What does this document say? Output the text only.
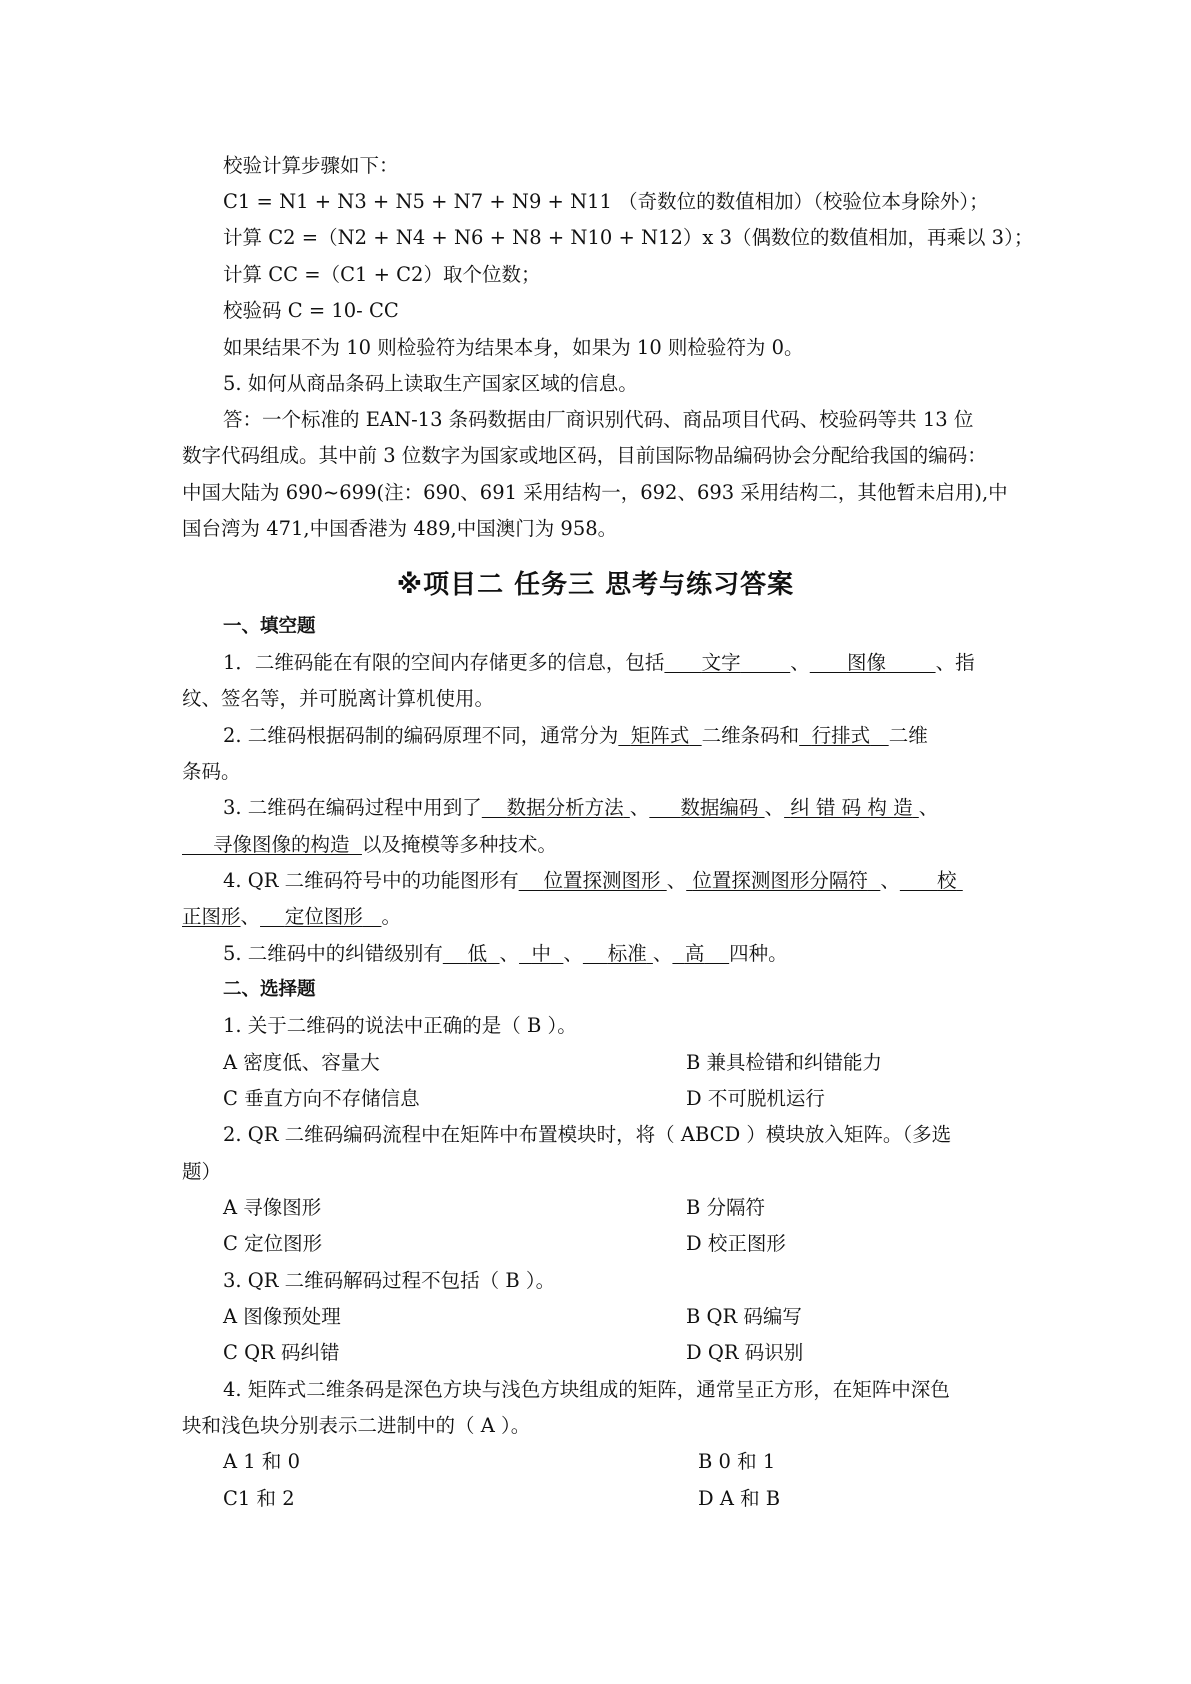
校验计算步骤如下：
C1 = N1 + N3 + N5 + N7 + N9 + N11 （奇数位的数值相加）（校验位本身除外）；
计算 C2 =（N2 + N4 + N6 + N8 + N10 + N12）x 3（偶数位的数值相加，再乘以 3）；
计算 CC =（C1 + C2）取个位数；
校验码 C = 10- CC
如果结果不为 10 则检验符为结果本身，如果为 10 则检验符为 0。
5. 如何从商品条码上读取生产国家区域的信息。
答：一个标准的 EAN-13 条码数据由厂商识别代码、商品项目代码、校验码等共 13 位
数字代码组成。其中前 3 位数字为国家或地区码，目前国际物品编码协会分配给我国的编码：
中国大陆为 690~699(注：690、691 采用结构一，692、693 采用结构二，其他暂未启用),中
国台湾为 471,中国香港为 489,中国澳门为 958。
※项目二 任务三 思考与练习答案
一、填空题
1．二维码能在有限的空间内存储更多的信息，包括 文字	、 图像	、指
纹、签名等，并可脱离计算机使用。
2. 二维码根据码制的编码原理不同，通常分为 矩阵式 二维条码和 行排式 二维
条码。
3. 二维码在编码过程中用到了 数据分析方法 、 数据编码 、 纠 错 码 构 造 、
寻像图像的构造 以及掩模等多种技术。
4. QR 二维码符号中的功能图形有 位置探测图形 、 位置探测图形分隔符 、 校
正图形、 定位图形 。
5. 二维码中的纠错级别有 低 、 中 、 标准 、 高 四种。
二、选择题
1. 关于二维码的说法中正确的是（ B ）。
A 密度低、容量大	B 兼具检错和纠错能力
C 垂直方向不存储信息	D 不可脱机运行
2. QR 二维码编码流程中在矩阵中布置模块时，将（ ABCD ）模块放入矩阵。（多选
题）
A 寻像图形	B 分隔符
C 定位图形	D 校正图形
3. QR 二维码解码过程不包括（ B ）。
A 图像预处理	B QR 码编写
C QR 码纠错	D QR 码识别
4. 矩阵式二维条码是深色方块与浅色方块组成的矩阵，通常呈正方形，在矩阵中深色
块和浅色块分别表示二进制中的（ A ）。
A 1 和 0	B 0 和 1
C1 和 2	D A 和 B
